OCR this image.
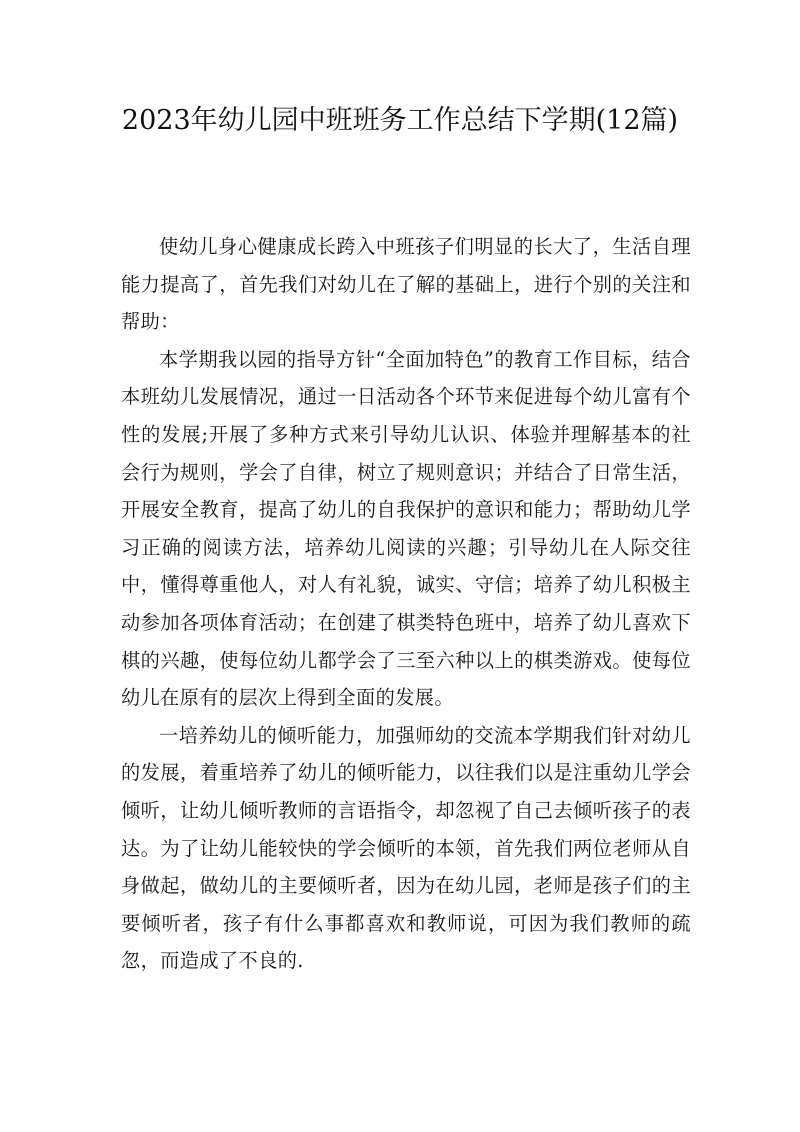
2023年幼儿园中班班务工作总结下学期(12篇)

使幼儿身心健康成长跨入中班孩子们明显的长大了，生活自理能力提高了，首先我们对幼儿在了解的基础上，进行个别的关注和帮助：

本学期我以园的指导方针“全面加特色”的教育工作目标，结合本班幼儿发展情况，通过一日活动各个环节来促进每个幼儿富有个性的发展;开展了多种方式来引导幼儿认识、体验并理解基本的社会行为规则，学会了自律，树立了规则意识；并结合了日常生活，开展安全教育，提高了幼儿的自我保护的意识和能力；帮助幼儿学习正确的阅读方法，培养幼儿阅读的兴趣；引导幼儿在人际交往中，懂得尊重他人，对人有礼貌，诚实、守信；培养了幼儿积极主动参加各项体育活动；在创建了棋类特色班中，培养了幼儿喜欢下棋的兴趣，使每位幼儿都学会了三至六种以上的棋类游戏。使每位幼儿在原有的层次上得到全面的发展。

一培养幼儿的倾听能力，加强师幼的交流本学期我们针对幼儿的发展，着重培养了幼儿的倾听能力，以往我们以是注重幼儿学会倾听，让幼儿倾听教师的言语指令，却忽视了自己去倾听孩子的表达。为了让幼儿能较快的学会倾听的本领，首先我们两位老师从自身做起，做幼儿的主要倾听者，因为在幼儿园，老师是孩子们的主要倾听者，孩子有什么事都喜欢和教师说，可因为我们教师的疏忽，而造成了不良的.
